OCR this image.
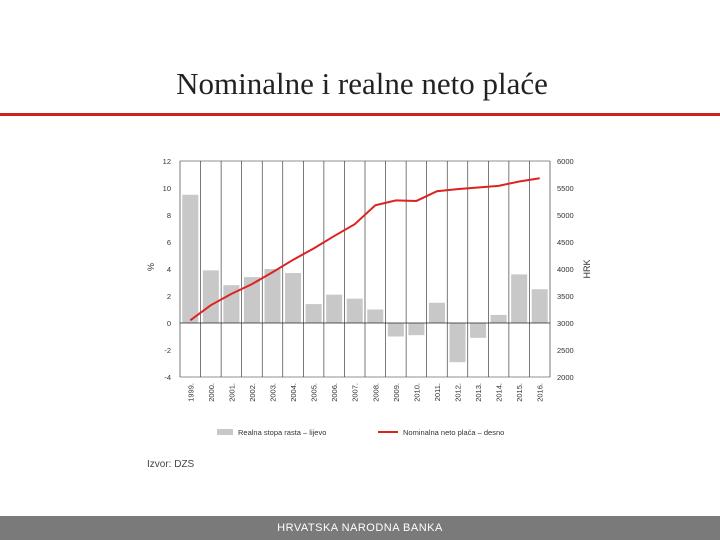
Nominalne i realne neto plaće
12
10
8
6
4
2
0
-2
-4
6000
5500
5000
4500
4000
3500
3000
2500
2000
%	HRK
1999. 2000. 2001. 2002. 2003. 2004. 2005. 2006. 2007. 2008. 2009. 2010. 2011. 2012. 2013. 2014. 2015. 2016.
Realna stopa rasta – lijevo	Nominalna neto plaća – desno
Izvor: DZS
HRVATSKA NARODNA BANKA
